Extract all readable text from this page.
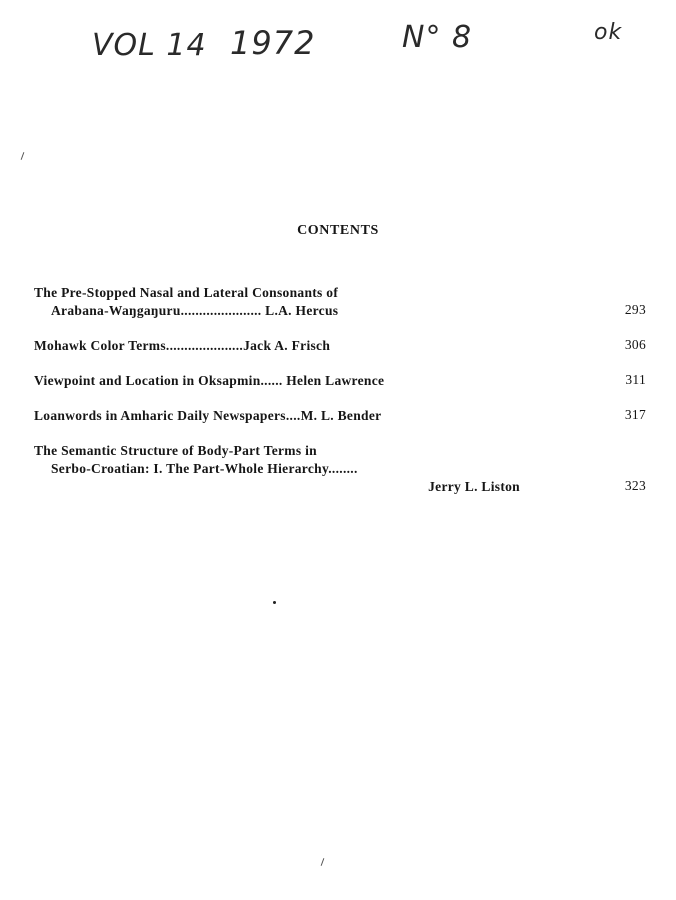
VOL 14 1972	N° 8	ok
CONTENTS
The Pre-Stopped Nasal and Lateral Consonants of
Arabana-Waŋgaŋuru...................... L.A. Hercus	293
Mohawk Color Terms.....................Jack A. Frisch	306
Viewpoint and Location in Oksapmin...... Helen Lawrence	311
Loanwords in Amharic Daily Newspapers....M. L. Bender	317
The Semantic Structure of Body-Part Terms in
Serbo-Croatian: I. The Part-Whole Hierarchy........
Jerry L. Liston	323
